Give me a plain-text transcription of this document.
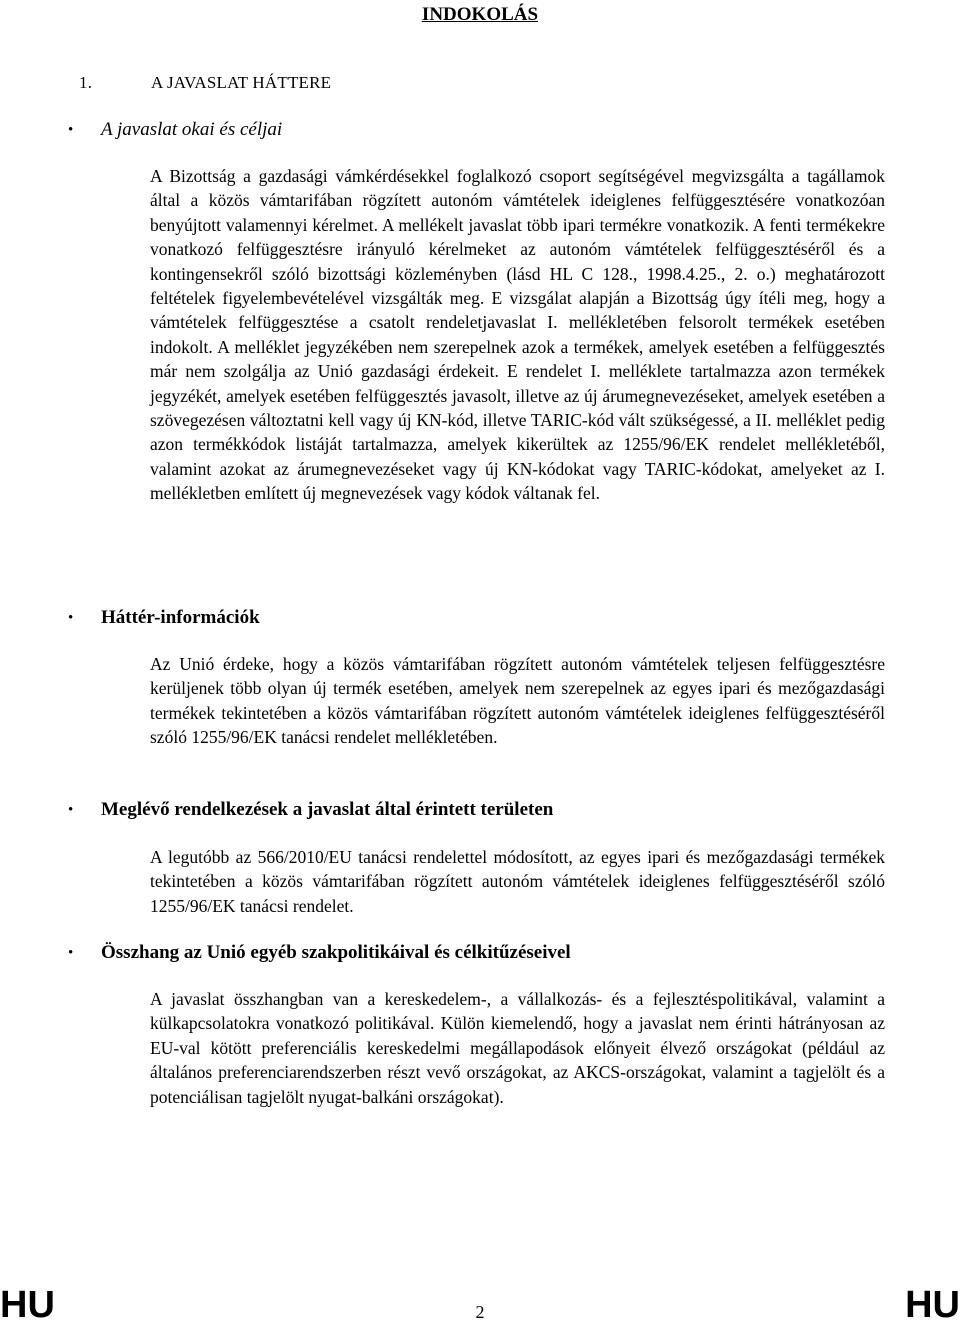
INDOKOLÁS
1.	A JAVASLAT HÁTTERE
•	A javaslat okai és céljai
A Bizottság a gazdasági vámkérdésekkel foglalkozó csoport segítségével megvizsgálta a tagállamok által a közös vámtarifában rögzített autonóm vámtételek ideiglenes felfüggesztésére vonatkozóan benyújtott valamennyi kérelmet. A mellékelt javaslat több ipari termékre vonatkozik. A fenti termékekre vonatkozó felfüggesztésre irányuló kérelmeket az autonóm vámtételek felfüggesztéséről és a kontingensekről szóló bizottsági közleményben (lásd HL C 128., 1998.4.25., 2. o.) meghatározott feltételek figyelembevételével vizsgálták meg. E vizsgálat alapján a Bizottság úgy ítéli meg, hogy a vámtételek felfüggesztése a csatolt rendeletjavaslat I. mellékletében felsorolt termékek esetében indokolt. A melléklet jegyzékében nem szerepelnek azok a termékek, amelyek esetében a felfüggesztés már nem szolgálja az Unió gazdasági érdekeit. E rendelet I. melléklete tartalmazza azon termékek jegyzékét, amelyek esetében felfüggesztés javasolt, illetve az új árumegnevezéseket, amelyek esetében a szövegezésen változtatni kell vagy új KN-kód, illetve TARIC-kód vált szükségessé, a II. melléklet pedig azon termékkódok listáját tartalmazza, amelyek kikerültek az 1255/96/EK rendelet mellékletéből, valamint azokat az árumegnevezéseket vagy új KN-kódokat vagy TARIC-kódokat, amelyeket az I. mellékletben említett új megnevezések vagy kódok váltanak fel.
•	Háttér-információk
Az Unió érdeke, hogy a közös vámtarifában rögzített autonóm vámtételek teljesen felfüggesztésre kerüljenek több olyan új termék esetében, amelyek nem szerepelnek az egyes ipari és mezőgazdasági termékek tekintetében a közös vámtarifában rögzített autonóm vámtételek ideiglenes felfüggesztéséről szóló 1255/96/EK tanácsi rendelet mellékletében.
•	Meglévő rendelkezések a javaslat által érintett területen
A legutóbb az 566/2010/EU tanácsi rendelettel módosított, az egyes ipari és mezőgazdasági termékek tekintetében a közös vámtarifában rögzített autonóm vámtételek ideiglenes felfüggesztéséről szóló 1255/96/EK tanácsi rendelet.
•	Összhang az Unió egyéb szakpolitikáival és célkitűzéseivel
A javaslat összhangban van a kereskedelem-, a vállalkozás- és a fejlesztéspolitikával, valamint a külkapcsolatokra vonatkozó politikával. Külön kiemelendő, hogy a javaslat nem érinti hátrányosan az EU-val kötött preferenciális kereskedelmi megállapodások előnyeit élvező országokat (például az általános preferenciarendszerben részt vevő országokat, az AKCS-országokat, valamint a tagjelölt és a potenciálisan tagjelölt nyugat-balkáni országokat).
HU	2	HU
